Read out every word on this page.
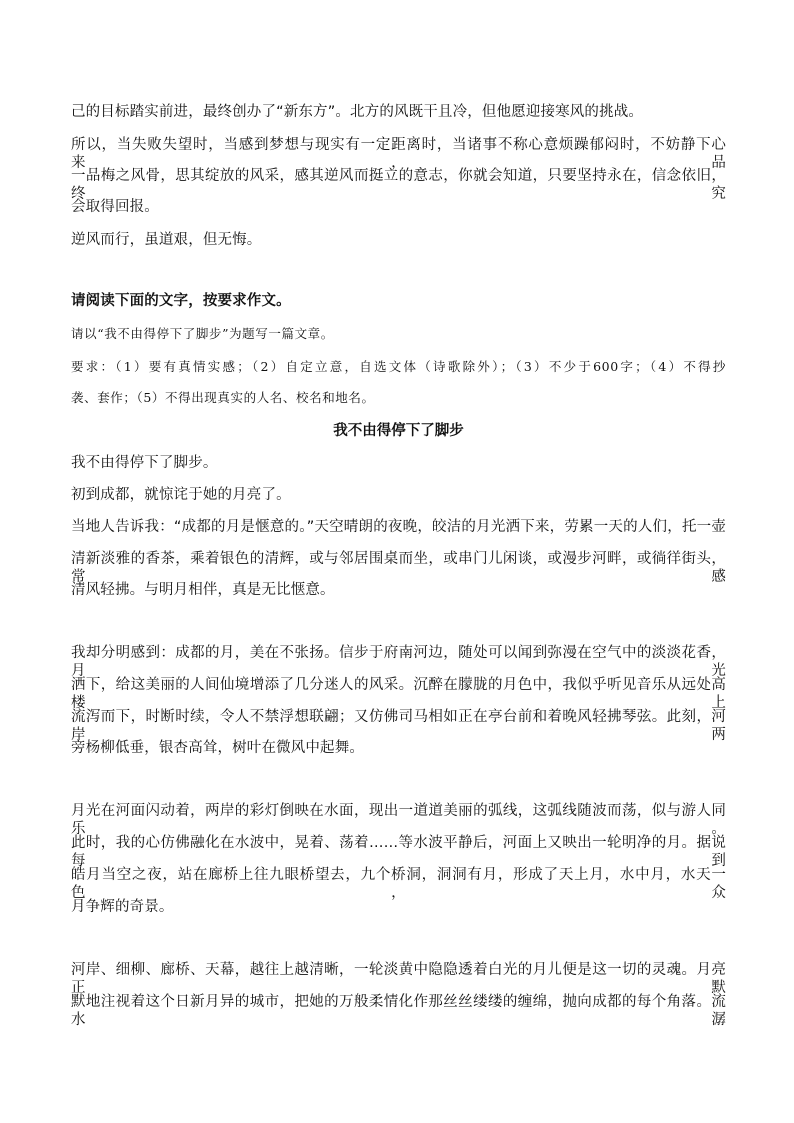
己的目标踏实前进，最终创办了“新东方”。北方的风既干且冷，但他愿迎接寒风的挑战。

所以，当失败失望时，当感到梦想与现实有一定距离时，当诸事不称心意烦躁郁闷时，不妨静下心来，品

一品梅之风骨，思其绽放的风采，感其逆风而挺立的意志，你就会知道，只要坚持永在，信念依旧，终究

会取得回报。

逆风而行，虽道艰，但无悔。

请阅读下面的文字，按要求作文。

请以“我不由得停下了脚步”为题写一篇文章。

要求：（1）要有真情实感；（2）自定立意，自选文体（诗歌除外）；（3）不少于600字；（4）不得抄

袭、套作；（5）不得出现真实的人名、校名和地名。

我不由得停下了脚步

我不由得停下了脚步。

初到成都，就惊诧于她的月亮了。

当地人告诉我：“成都的月是惬意的。”天空晴朗的夜晚，皎洁的月光洒下来，劳累一天的人们，托一壶

清新淡雅的香茶，乘着银色的清辉，或与邻居围桌而坐，或串门儿闲谈，或漫步河畔，或徜徉街头，常感

清风轻拂。与明月相伴，真是无比惬意。

我却分明感到：成都的月，美在不张扬。信步于府南河边，随处可以闻到弥漫在空气中的淡淡花香，月光

洒下，给这美丽的人间仙境增添了几分迷人的风采。沉醉在朦胧的月色中，我似乎听见音乐从远处高楼上

流泻而下，时断时续，令人不禁浮想联翩；又仿佛司马相如正在亭台前和着晚风轻拂琴弦。此刻，河岸两

旁杨柳低垂，银杏高耸，树叶在微风中起舞。

月光在河面闪动着，两岸的彩灯倒映在水面，现出一道道美丽的弧线，这弧线随波而荡，似与游人同乐。

此时，我的心仿佛融化在水波中，晃着、荡着……等水波平静后，河面上又映出一轮明净的月。据说每到

皓月当空之夜，站在廊桥上往九眼桥望去，九个桥洞，洞洞有月，形成了天上月，水中月，水天一色，众

月争辉的奇景。

河岸、细柳、廊桥、天幕，越往上越清晰，一轮淡黄中隐隐透着白光的月儿便是这一切的灵魂。月亮正默

默地注视着这个日新月异的城市，把她的万般柔情化作那丝丝缕缕的缠绵，抛向成都的每个角落。流水潺
